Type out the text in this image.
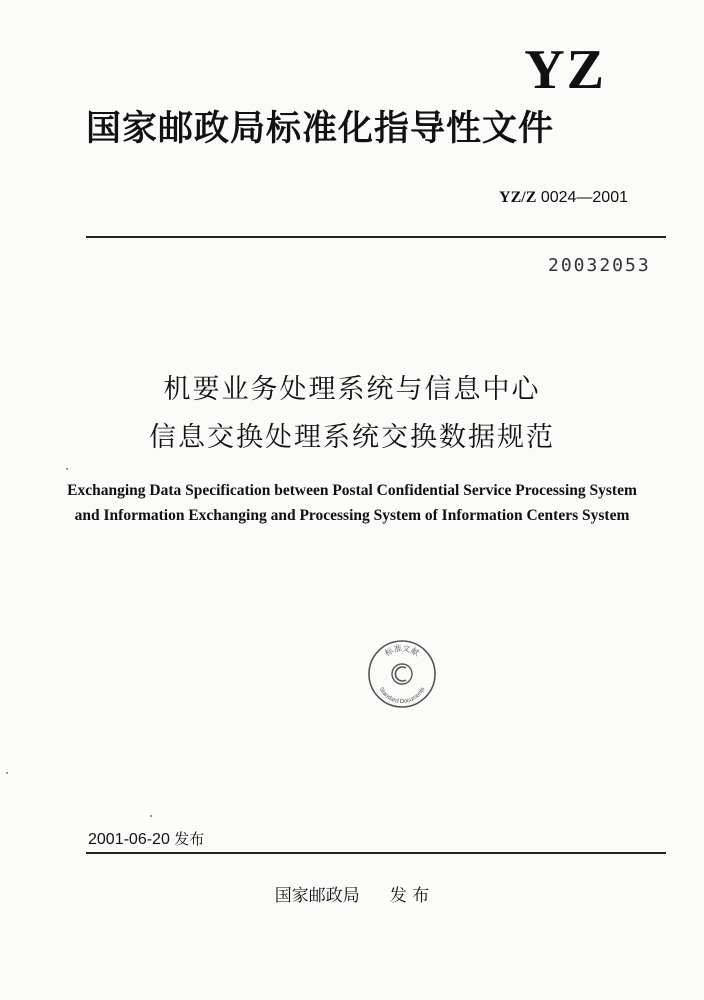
YZ
国家邮政局标准化指导性文件
YZ/Z 0024—2001
20032053
机要业务处理系统与信息中心
信息交换处理系统交换数据规范
Exchanging Data Specification between Postal Confidential Service Processing System
and Information Exchanging and Processing System of Information Centers System
标准文献
Standard Documents
2001-06-20 发布
国家邮政局 发 布
